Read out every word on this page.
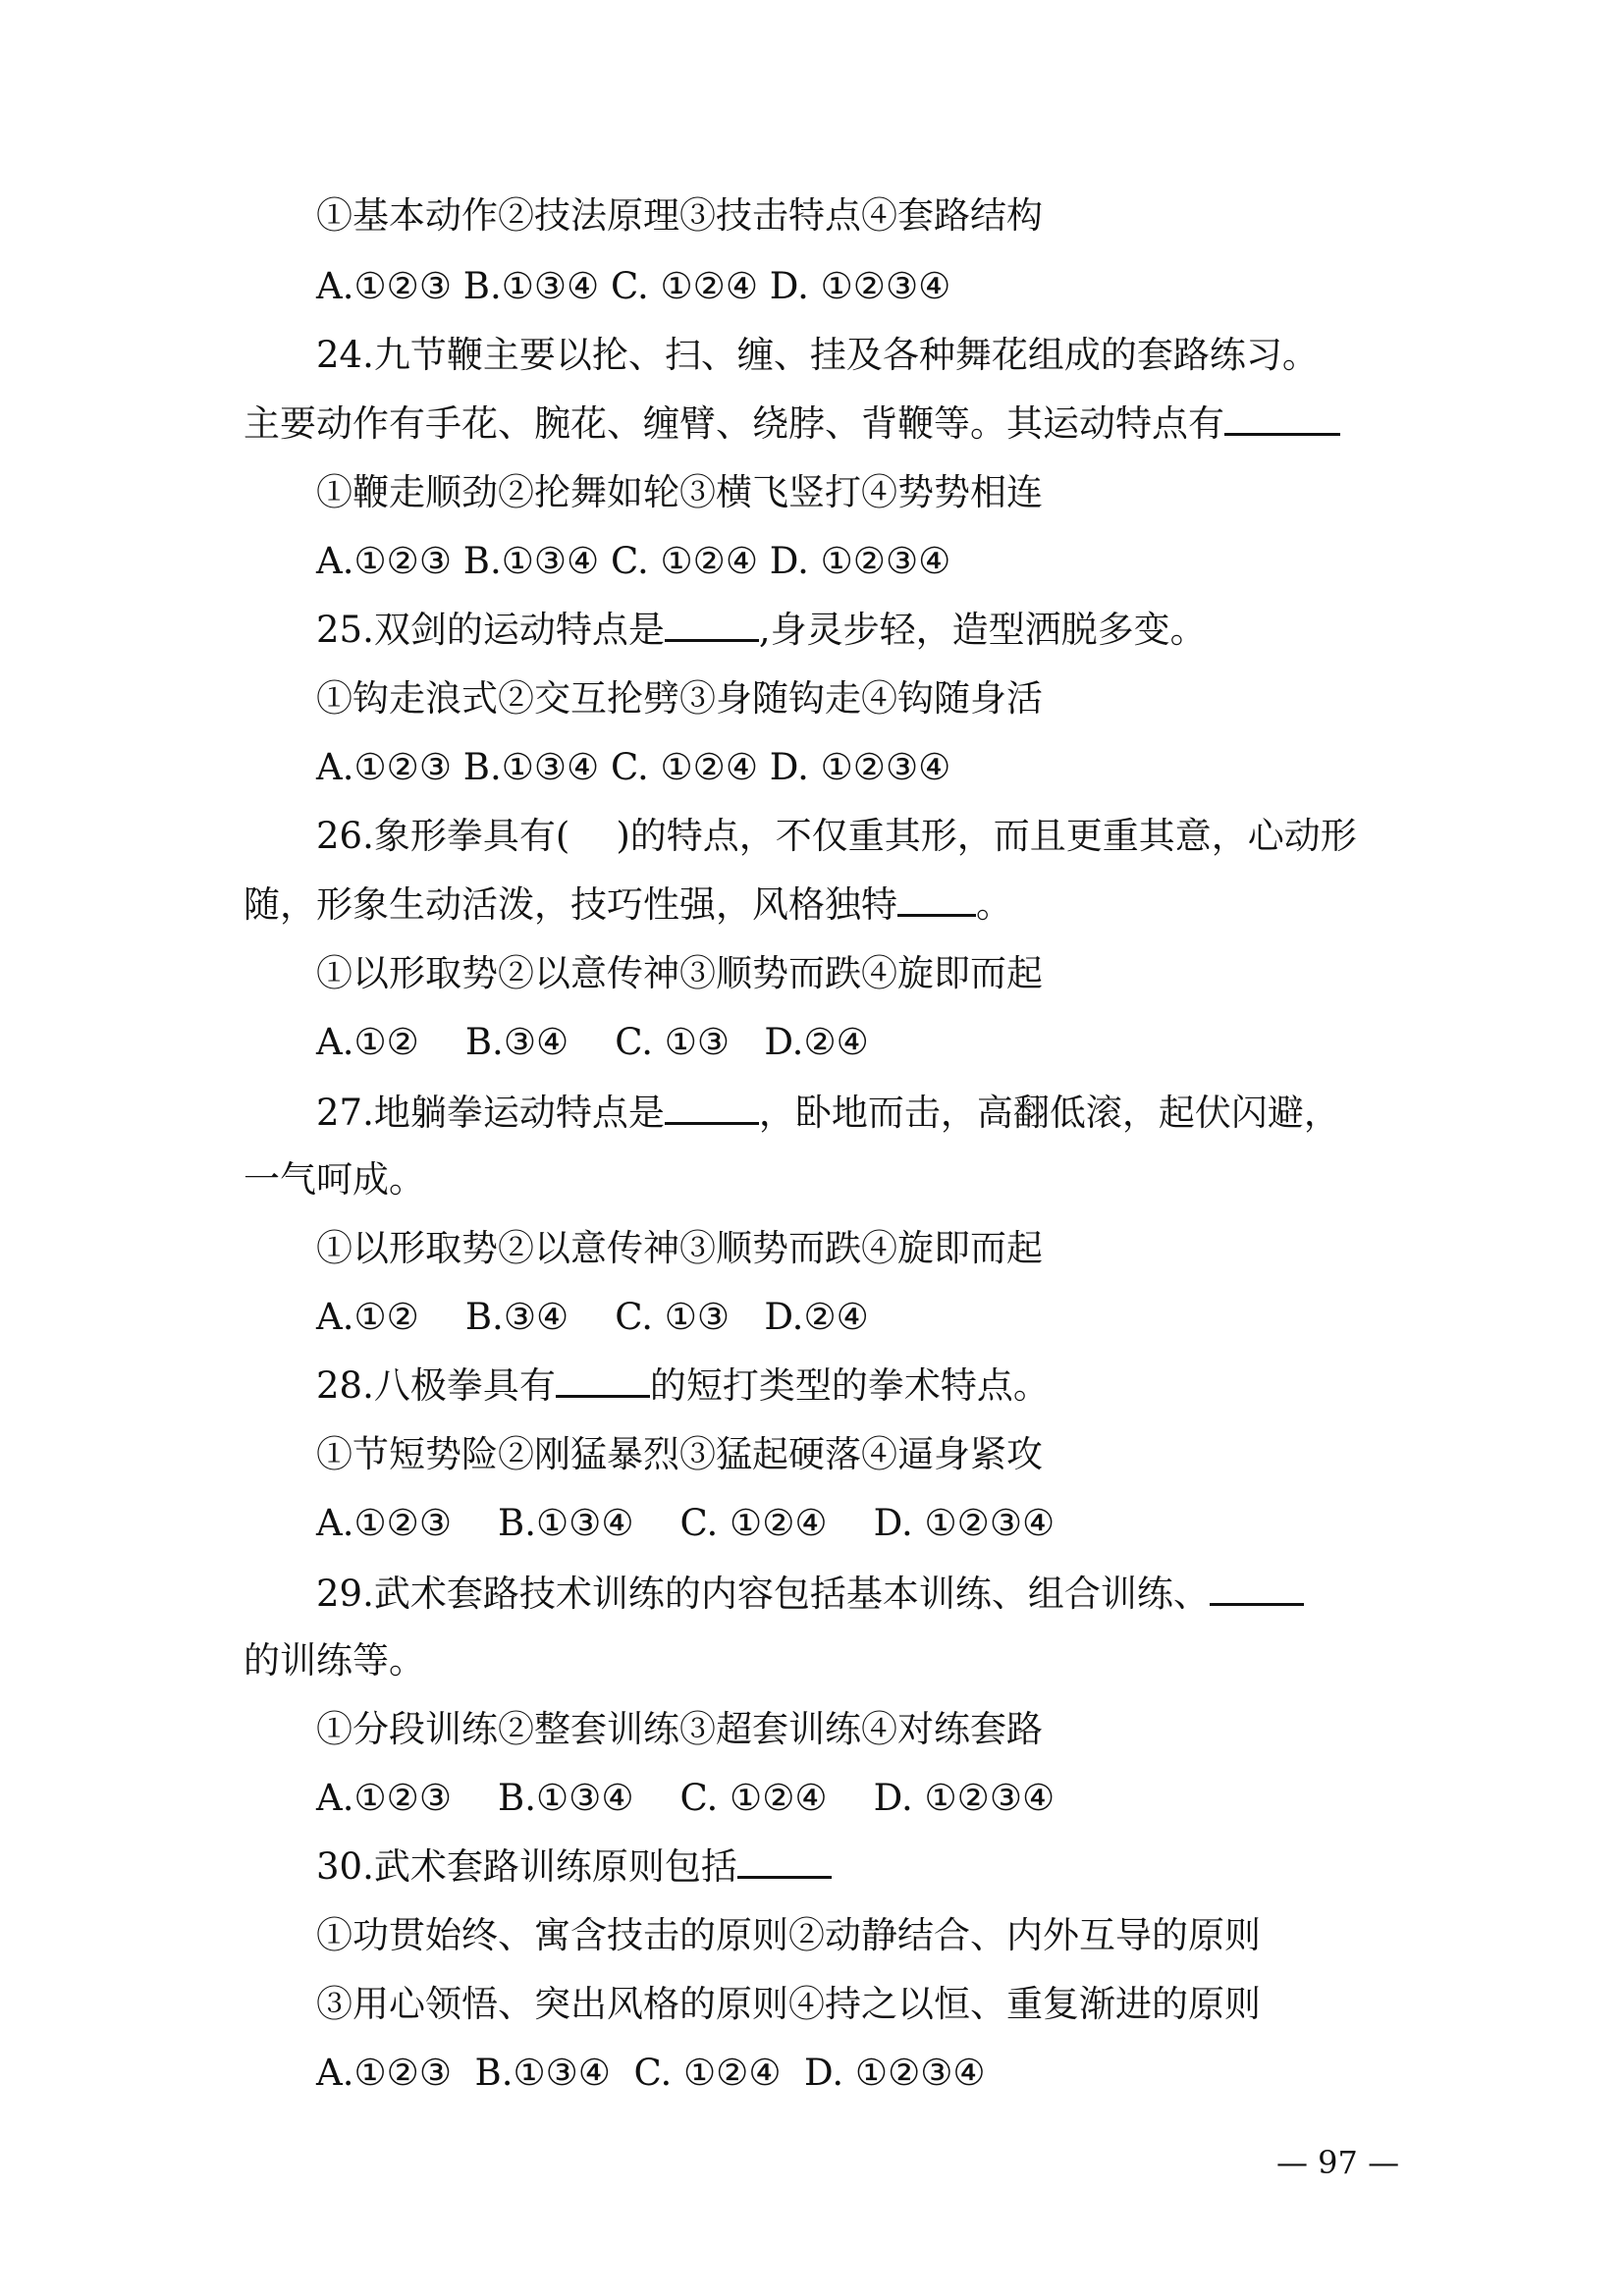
①基本动作②技法原理③技击特点④套路结构
A.①②③ B.①③④ C. ①②④ D. ①②③④
24.九节鞭主要以抡、扫、缠、挂及各种舞花组成的套路练习。
主要动作有手花、腕花、缠臂、绕脖、背鞭等。其运动特点有
①鞭走顺劲②抡舞如轮③横飞竖打④势势相连
A.①②③ B.①③④ C. ①②④ D. ①②③④
25.双剑的运动特点是	,身灵步轻，造型洒脱多变。
①钩走浪式②交互抡劈③身随钩走④钩随身活
A.①②③ B.①③④ C. ①②④ D. ①②③④
26.象形拳具有(    )的特点，不仅重其形，而且更重其意，心动形
随，形象生动活泼，技巧性强，风格独特 。
①以形取势②以意传神③顺势而跌④旋即而起
A.①②    B.③④    C. ①③   D.②④
27.地躺拳运动特点是	，卧地而击，高翻低滚，起伏闪避，
一气呵成。
①以形取势②以意传神③顺势而跌④旋即而起
A.①②    B.③④    C. ①③   D.②④
28.八极拳具有	的短打类型的拳术特点。
①节短势险②刚猛暴烈③猛起硬落④逼身紧攻
A.①②③    B.①③④    C. ①②④    D. ①②③④
29.武术套路技术训练的内容包括基本训练、组合训练、
的训练等。
①分段训练②整套训练③超套训练④对练套路
A.①②③    B.①③④    C. ①②④    D. ①②③④
30.武术套路训练原则包括
①功贯始终、寓含技击的原则②动静结合、内外互导的原则
③用心领悟、突出风格的原则④持之以恒、重复渐进的原则
A.①②③  B.①③④  C. ①②④  D. ①②③④
— 97 —
